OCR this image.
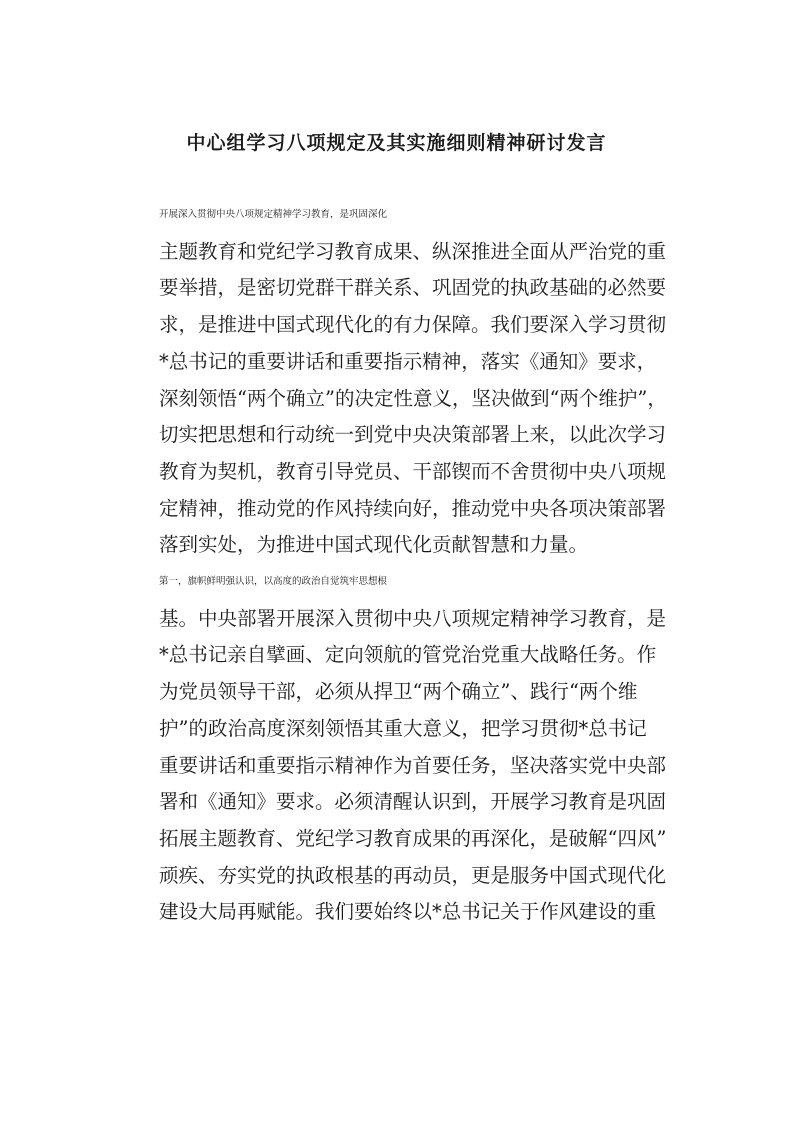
中心组学习八项规定及其实施细则精神研讨发言

开展深入贯彻中央八项规定精神学习教育，是巩固深化
主题教育和党纪学习教育成果、纵深推进全面从严治党的重
要举措，是密切党群干群关系、巩固党的执政基础的必然要
求，是推进中国式现代化的有力保障。我们要深入学习贯彻
*总书记的重要讲话和重要指示精神，落实《通知》要求，
深刻领悟“两个确立”的决定性意义，坚决做到“两个维护”，
切实把思想和行动统一到党中央决策部署上来，以此次学习
教育为契机，教育引导党员、干部锲而不舍贯彻中央八项规
定精神，推动党的作风持续向好，推动党中央各项决策部署
落到实处，为推进中国式现代化贡献智慧和力量。

第一，旗帜鲜明强认识，以高度的政治自觉筑牢思想根
基。中央部署开展深入贯彻中央八项规定精神学习教育，是
*总书记亲自擘画、定向领航的管党治党重大战略任务。作
为党员领导干部，必须从捍卫“两个确立”、践行“两个维
护”的政治高度深刻领悟其重大意义，把学习贯彻*总书记
重要讲话和重要指示精神作为首要任务，坚决落实党中央部
署和《通知》要求。必须清醒认识到，开展学习教育是巩固
拓展主题教育、党纪学习教育成果的再深化，是破解“四风”
顽疾、夯实党的执政根基的再动员，更是服务中国式现代化
建设大局再赋能。我们要始终以*总书记关于作风建设的重
